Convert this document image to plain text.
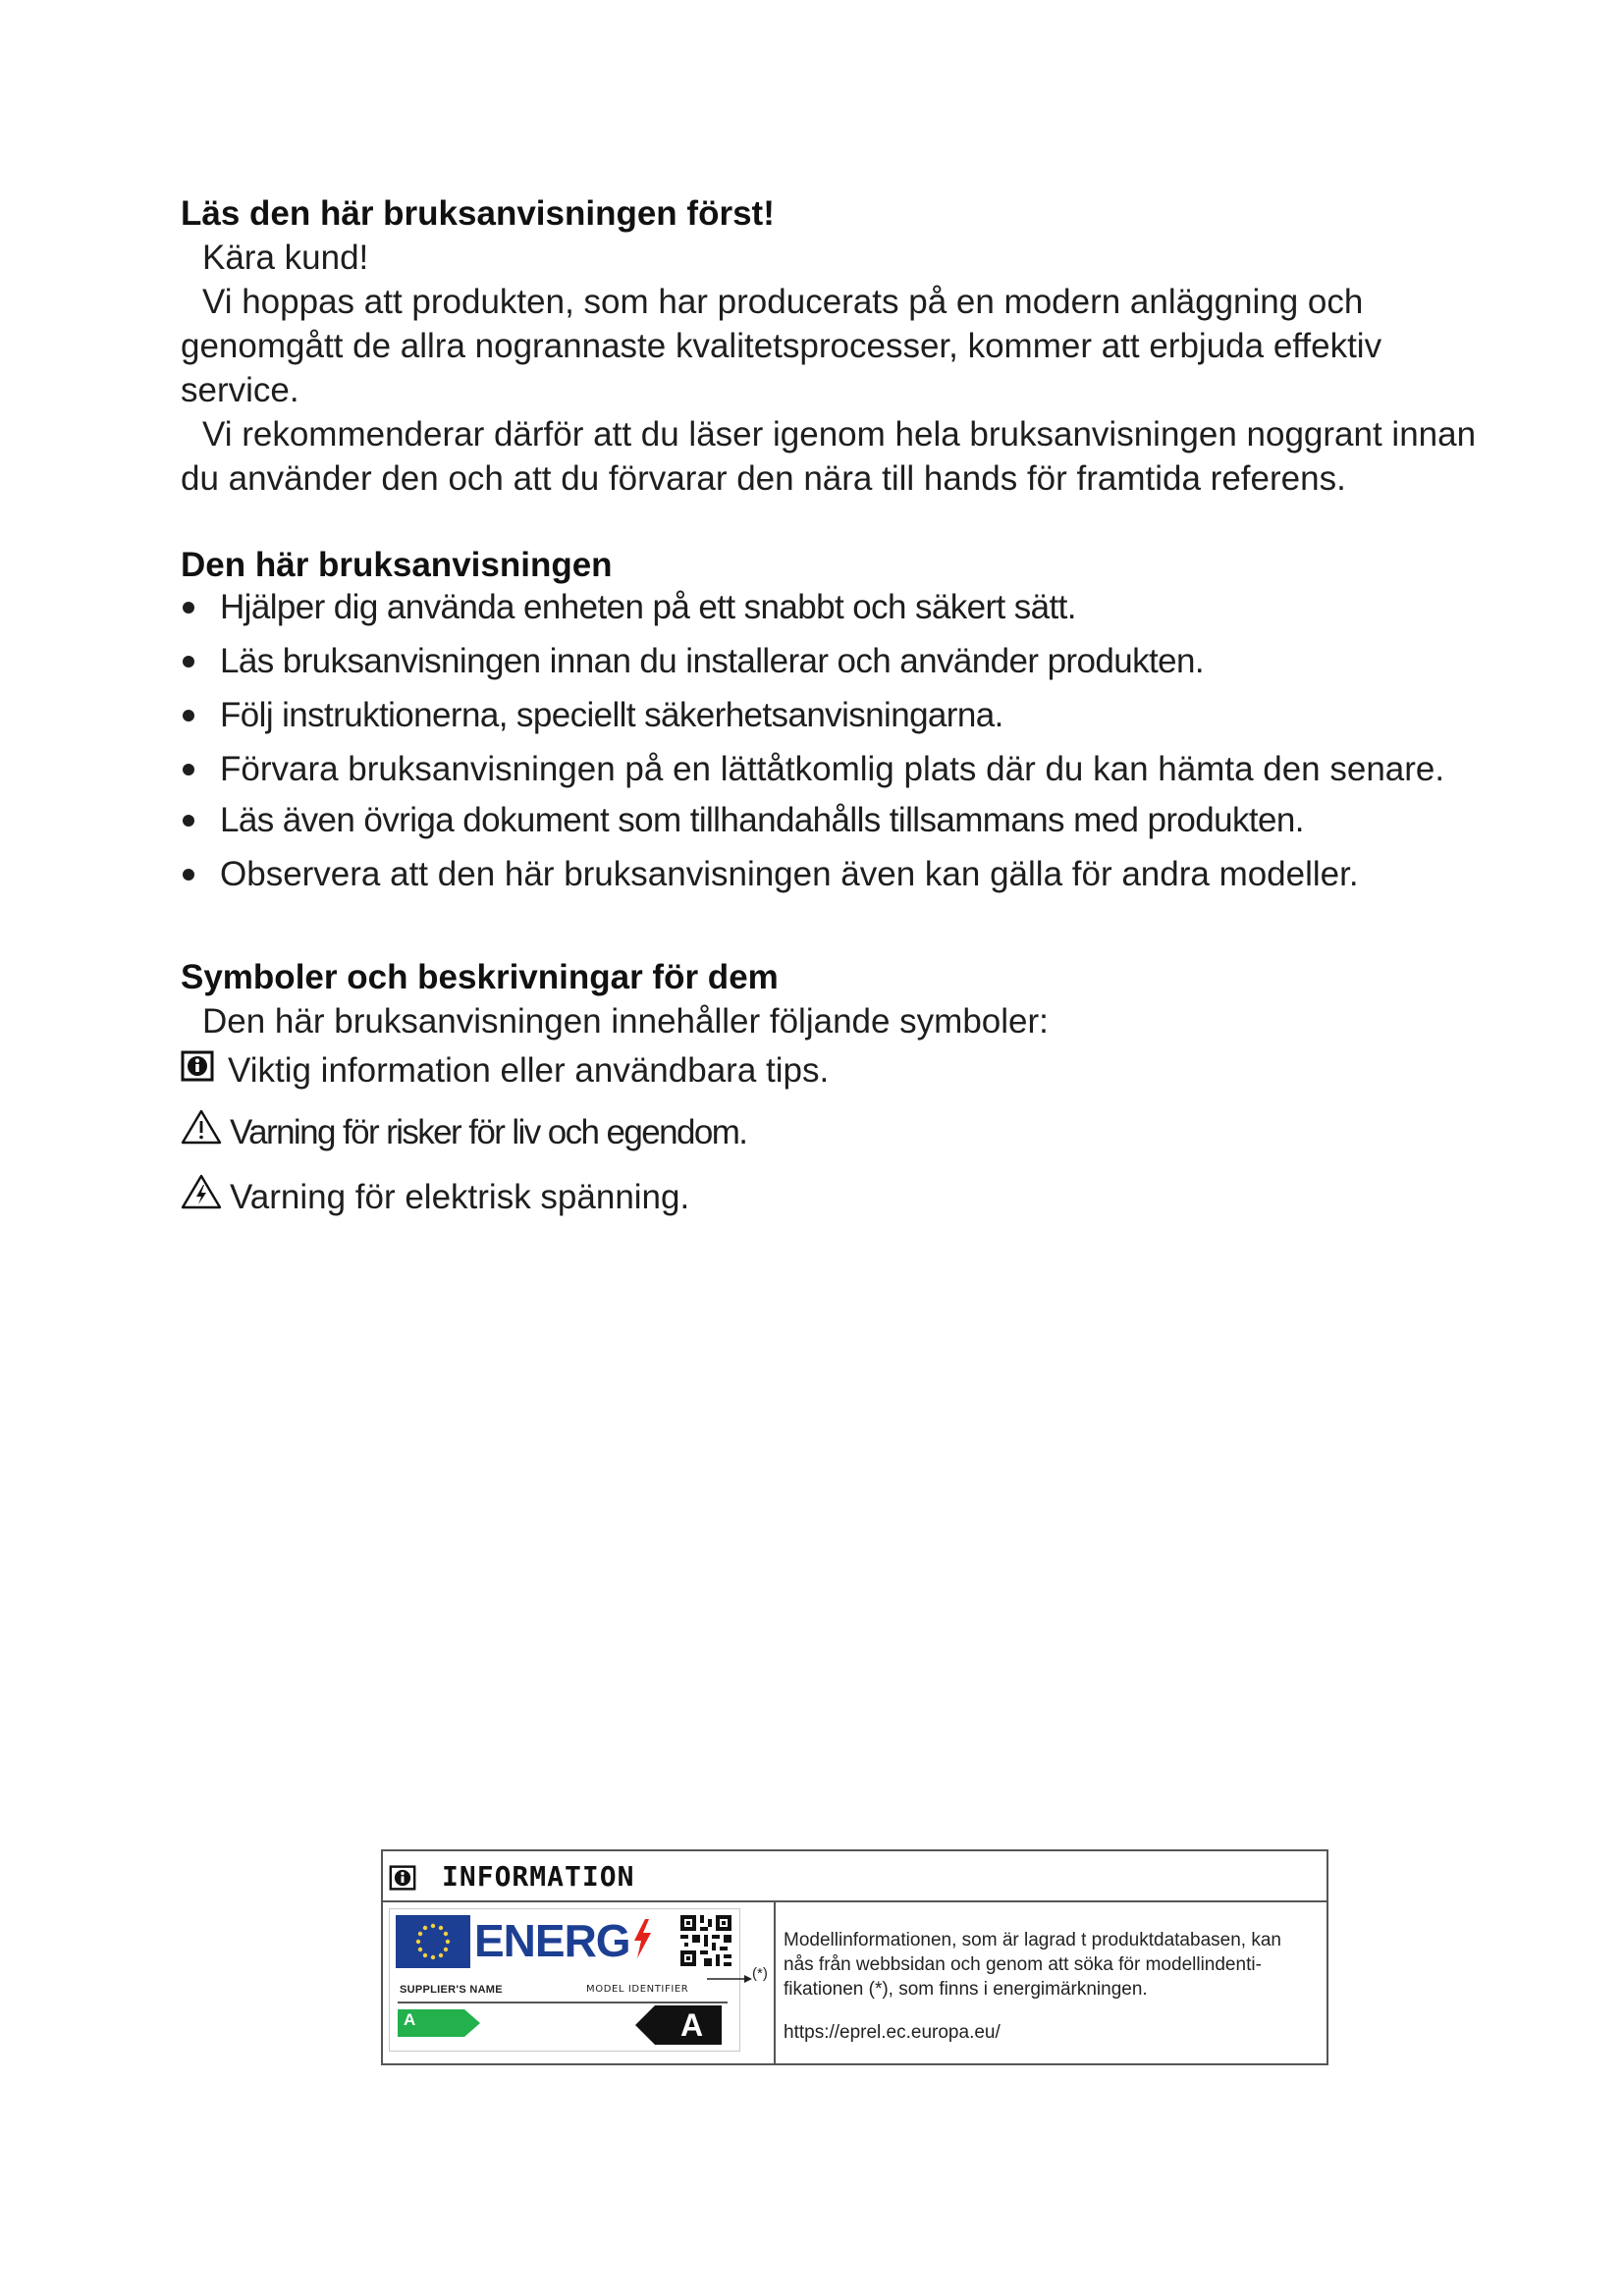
Läs den här bruksanvisningen först!

Kära kund!

Vi hoppas att produkten, som har producerats på en modern anläggning och genomgått de allra nogrannaste kvalitetsprocesser, kommer att erbjuda effektiv service.

Vi rekommenderar därför att du läser igenom hela bruksanvisningen noggrant innan du använder den och att du förvarar den nära till hands för framtida referens.

Den här bruksanvisningen
Hjälper dig använda enheten på ett snabbt och säkert sätt.
Läs bruksanvisningen innan du installerar och använder produkten.
Följ instruktionerna, speciellt säkerhetsanvisningarna.
Förvara bruksanvisningen på en lättåtkomlig plats där du kan hämta den senare.
Läs även övriga dokument som tillhandahålls tillsammans med produkten.
Observera att den här bruksanvisningen även kan gälla för andra modeller.
Symboler och beskrivningar för dem

Den här bruksanvisningen innehåller följande symboler:

Viktig information eller användbara tips.
Varning för risker för liv och egendom.
Varning för elektrisk spänning.
INFORMATION
ENERG
SUPPLIER'S NAME	MODEL IDENTIFIER
A	A
(*)
Modellinformationen, som är lagrad t produktdatabasen, kan nås från webbsidan och genom att söka för modellindenti- fikationen (*), som finns i energimärkningen.
https://eprel.ec.europa.eu/
